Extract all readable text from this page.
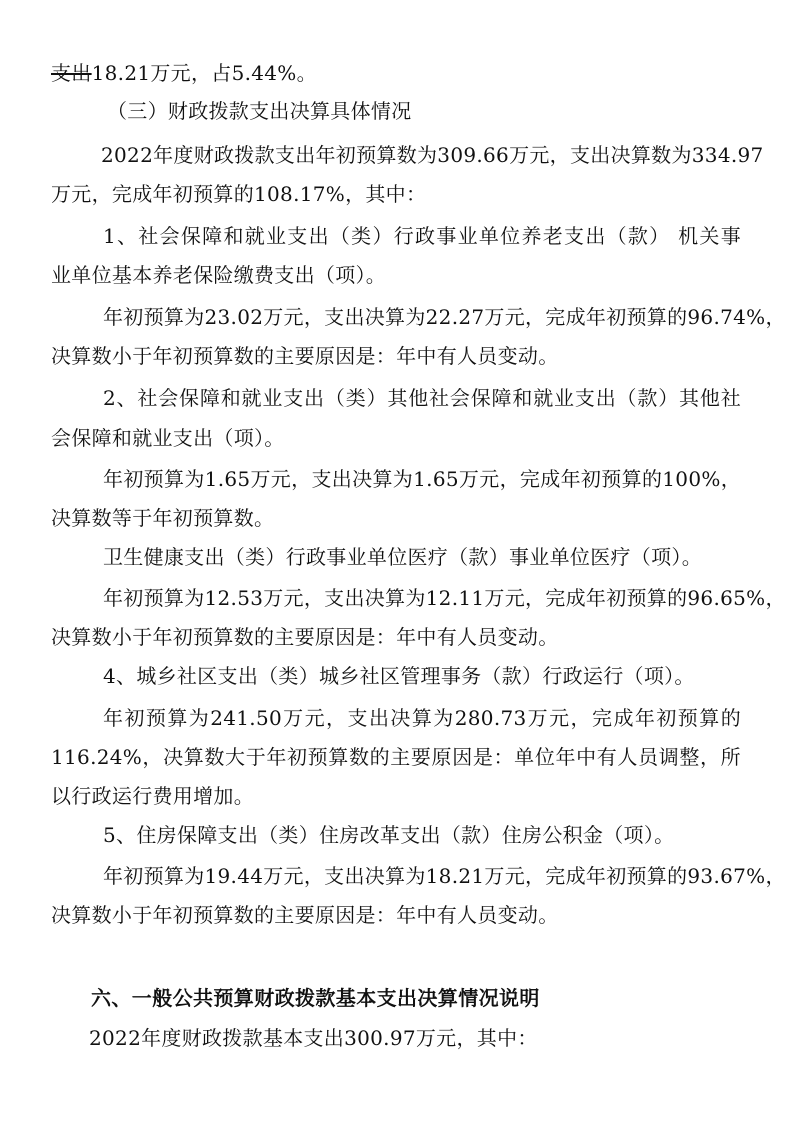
支出18.21万元，占5.44%。
（三）财政拨款支出决算具体情况
2022年度财政拨款支出年初预算数为309.66万元，支出决算数为334.97
万元，完成年初预算的108.17%，其中：
1、社会保障和就业支出（类）行政事业单位养老支出（款） 机关事
业单位基本养老保险缴费支出（项）。
年初预算为23.02万元，支出决算为22.27万元，完成年初预算的96.74%，
决算数小于年初预算数的主要原因是：年中有人员变动。
2、社会保障和就业支出（类）其他社会保障和就业支出（款）其他社
会保障和就业支出（项）。
年初预算为1.65万元，支出决算为1.65万元，完成年初预算的100%，
决算数等于年初预算数。
卫生健康支出（类）行政事业单位医疗（款）事业单位医疗（项）。
年初预算为12.53万元，支出决算为12.11万元，完成年初预算的96.65%，
决算数小于年初预算数的主要原因是：年中有人员变动。
4、城乡社区支出（类）城乡社区管理事务（款）行政运行（项）。
年初预算为241.50万元，支出决算为280.73万元，完成年初预算的
116.24%，决算数大于年初预算数的主要原因是：单位年中有人员调整，所
以行政运行费用增加。
5、住房保障支出（类）住房改革支出（款）住房公积金（项）。
年初预算为19.44万元，支出决算为18.21万元，完成年初预算的93.67%，
决算数小于年初预算数的主要原因是：年中有人员变动。
六、一般公共预算财政拨款基本支出决算情况说明
2022年度财政拨款基本支出300.97万元，其中：
